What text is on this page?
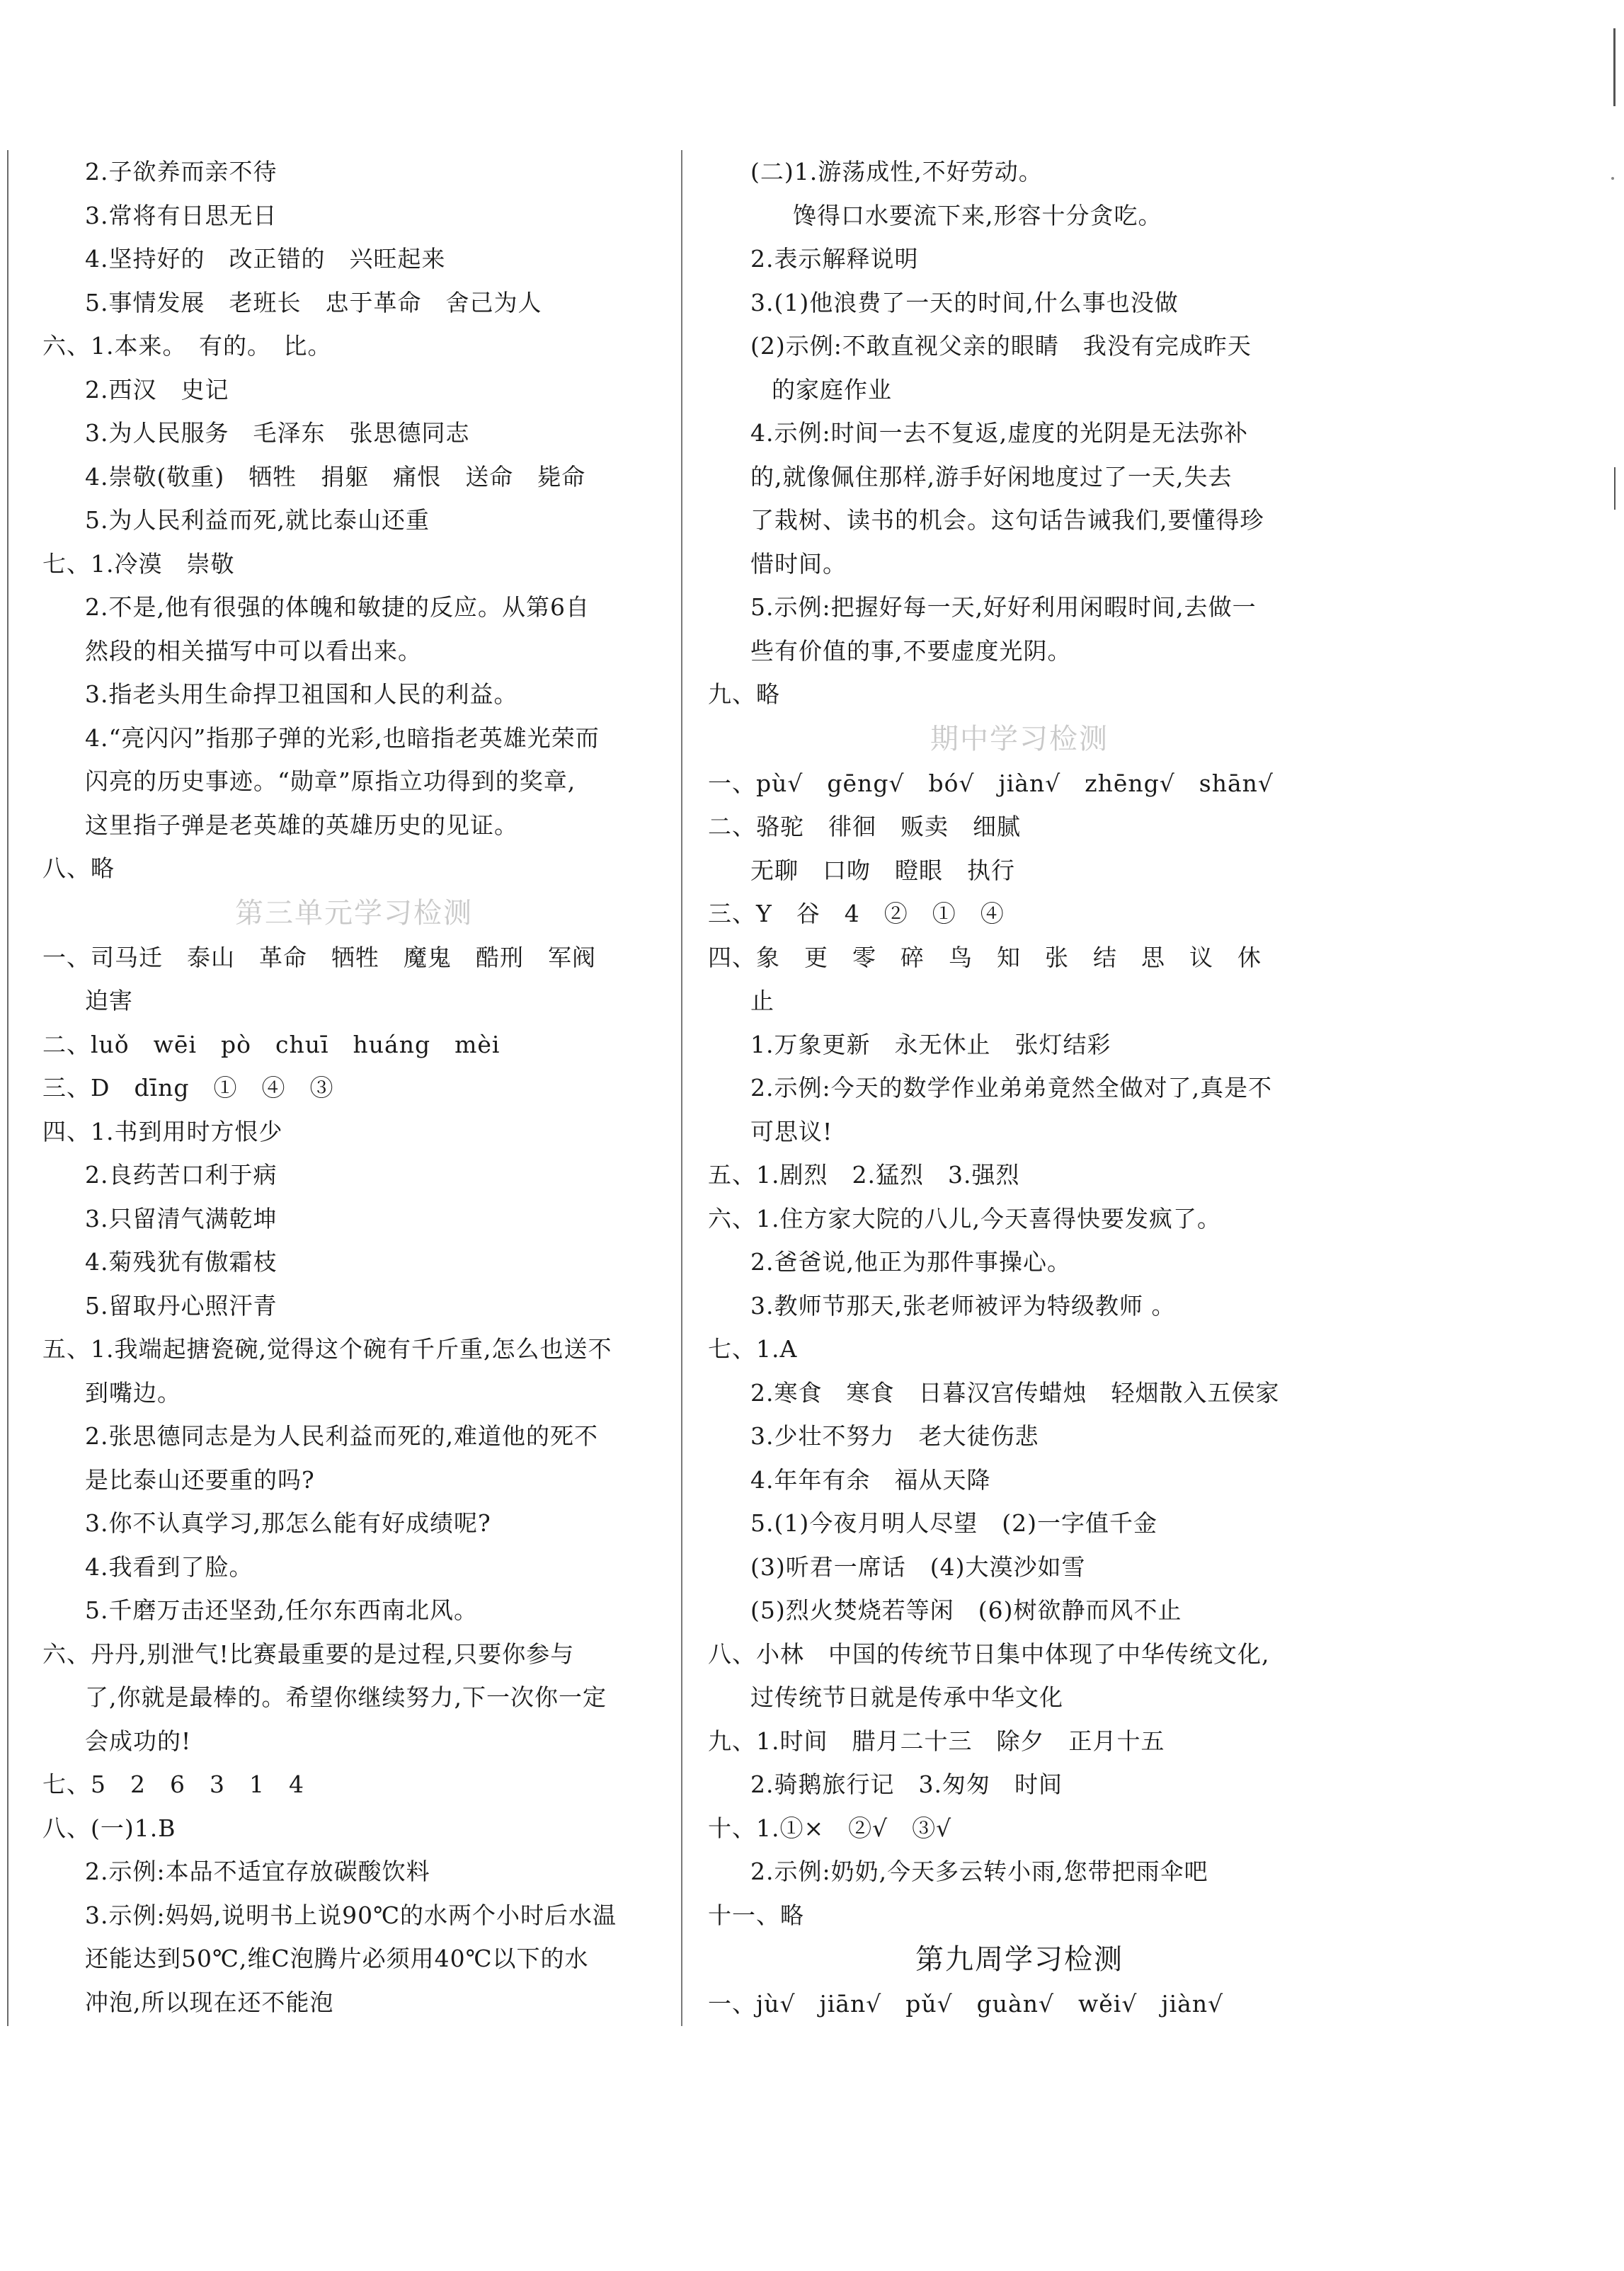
2.子欲养而亲不待
3.常将有日思无日
4.坚持好的　改正错的　兴旺起来
5.事情发展　老班长　忠于革命　舍己为人
六、1.本来。　有的。　比。
2.西汉　史记
3.为人民服务　毛泽东　张思德同志
4.崇敬(敬重)　牺牲　捐躯　痛恨　送命　毙命
5.为人民利益而死,就比泰山还重
七、1.冷漠　崇敬
2.不是,他有很强的体魄和敏捷的反应。从第6自
然段的相关描写中可以看出来。
3.指老头用生命捍卫祖国和人民的利益。
4.“亮闪闪”指那子弹的光彩,也暗指老英雄光荣而
闪亮的历史事迹。“勋章”原指立功得到的奖章,
这里指子弹是老英雄的英雄历史的见证。
八、略
第三单元学习检测
一、司马迁　泰山　革命　牺牲　魔鬼　酷刑　军阀
迫害
二、luǒ　wēi　pò　chuī　huáng　mèi
三、D　dīng　①　④　③
四、1.书到用时方恨少
2.良药苦口利于病
3.只留清气满乾坤
4.菊残犹有傲霜枝
5.留取丹心照汗青
五、1.我端起搪瓷碗,觉得这个碗有千斤重,怎么也送不
到嘴边。
2.张思德同志是为人民利益而死的,难道他的死不
是比泰山还要重的吗?
3.你不认真学习,那怎么能有好成绩呢?
4.我看到了脸。
5.千磨万击还坚劲,任尔东西南北风。
六、丹丹,别泄气!比赛最重要的是过程,只要你参与
了,你就是最棒的。希望你继续努力,下一次你一定
会成功的!
七、5　2　6　3　1　4
八、(一)1.B
2.示例:本品不适宜存放碳酸饮料
3.示例:妈妈,说明书上说90℃的水两个小时后水温
还能达到50℃,维C泡腾片必须用40℃以下的水
冲泡,所以现在还不能泡
(二)1.游荡成性,不好劳动。
馋得口水要流下来,形容十分贪吃。
2.表示解释说明
3.(1)他浪费了一天的时间,什么事也没做
(2)示例:不敢直视父亲的眼睛　我没有完成昨天
的家庭作业
4.示例:时间一去不复返,虚度的光阴是无法弥补
的,就像佩住那样,游手好闲地度过了一天,失去
了栽树、读书的机会。这句话告诫我们,要懂得珍
惜时间。
5.示例:把握好每一天,好好利用闲暇时间,去做一
些有价值的事,不要虚度光阴。
九、略
期中学习检测
一、pù√　gēng√　bó√　jiàn√　zhēng√　shān√
二、骆驼　徘徊　贩卖　细腻
无聊　口吻　瞪眼　执行
三、Y　谷　4　②　①　④
四、象　更　零　碎　鸟　知　张　结　思　议　休
止
1.万象更新　永无休止　张灯结彩
2.示例:今天的数学作业弟弟竟然全做对了,真是不
可思议!
五、1.剧烈　2.猛烈　3.强烈
六、1.住方家大院的八儿,今天喜得快要发疯了。
2.爸爸说,他正为那件事操心。
3.教师节那天,张老师被评为特级教师 。
七、1.A
2.寒食　寒食　日暮汉宫传蜡烛　轻烟散入五侯家
3.少壮不努力　老大徒伤悲
4.年年有余　福从天降
5.(1)今夜月明人尽望　(2)一字值千金
(3)听君一席话　(4)大漠沙如雪
(5)烈火焚烧若等闲　(6)树欲静而风不止
八、小林　中国的传统节日集中体现了中华传统文化,
过传统节日就是传承中华文化
九、1.时间　腊月二十三　除夕　正月十五
2.骑鹅旅行记　3.匆匆　时间
十、1.①×　②√　③√
2.示例:奶奶,今天多云转小雨,您带把雨伞吧
十一、略
第九周学习检测
一、jù√　jiān√　pǔ√　guàn√　wěi√　jiàn√
